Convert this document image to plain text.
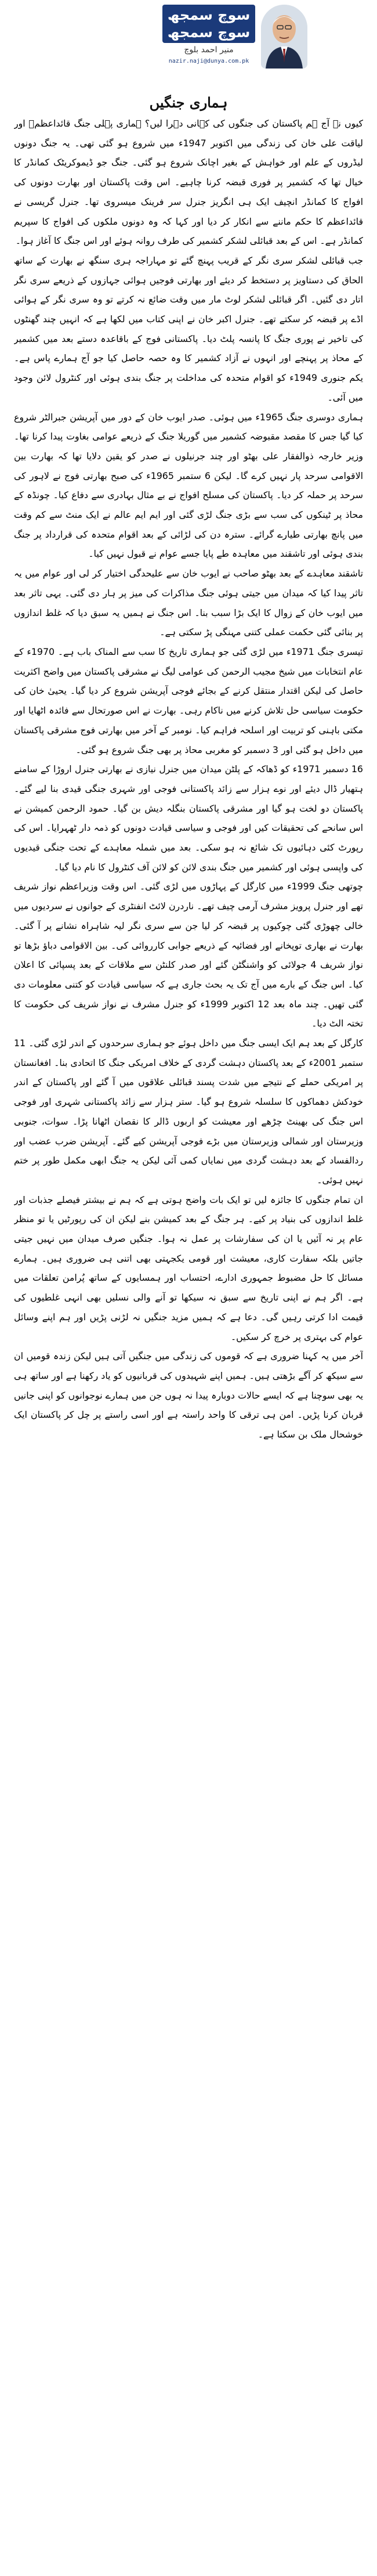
سوچ سمجھ
سوچ سمجھ
منیر احمد بلوچ
nazir.naji@dunya.com.pk
ہماری جنگیں

کیوں نہ آج ہم پاکستان کی جنگوں کی کہانی دہرا لیں؟ ہماری پہلی جنگ قائداعظمؒ اور لیاقت علی خان کی زندگی میں اکتوبر 1947ء میں شروع ہو گئی تھی۔ یہ جنگ دونوں لیڈروں کے علم اور خواہش کے بغیر اچانک شروع ہو گئی۔ جنگ جو ڈیموکریٹک کمانڈر کا خیال تھا کہ کشمیر پر فوری قبضہ کرنا چاہیے۔ اس وقت پاکستان اور بھارت دونوں کی افواج کا کمانڈر انچیف ایک ہی انگریز جنرل سر فرینک میسروی تھا۔ جنرل گریسی نے قائداعظم کا حکم ماننے سے انکار کر دیا اور کہا کہ وہ دونوں ملکوں کی افواج کا سپریم کمانڈر ہے۔ اس کے بعد قبائلی لشکر کشمیر کی طرف روانہ ہوئے اور اس جنگ کا آغاز ہوا۔

جب قبائلی لشکر سری نگر کے قریب پہنچ گئے تو مہاراجہ ہری سنگھ نے بھارت کے ساتھ الحاق کی دستاویز پر دستخط کر دیئے اور بھارتی فوجیں ہوائی جہازوں کے ذریعے سری نگر اتار دی گئیں۔ اگر قبائلی لشکر لوٹ مار میں وقت ضائع نہ کرتے تو وہ سری نگر کے ہوائی اڈے پر قبضہ کر سکتے تھے۔ جنرل اکبر خان نے اپنی کتاب میں لکھا ہے کہ انہیں چند گھنٹوں کی تاخیر نے پوری جنگ کا پانسہ پلٹ دیا۔ پاکستانی فوج کے باقاعدہ دستے بعد میں کشمیر کے محاذ پر پہنچے اور انہوں نے آزاد کشمیر کا وہ حصہ حاصل کیا جو آج ہمارے پاس ہے۔ یکم جنوری 1949ء کو اقوام متحدہ کی مداخلت پر جنگ بندی ہوئی اور کنٹرول لائن وجود میں آئی۔

ہماری دوسری جنگ 1965ء میں ہوئی۔ صدر ایوب خان کے دور میں آپریشن جبرالٹر شروع کیا گیا جس کا مقصد مقبوضہ کشمیر میں گوریلا جنگ کے ذریعے عوامی بغاوت پیدا کرنا تھا۔ وزیر خارجہ ذوالفقار علی بھٹو اور چند جرنیلوں نے صدر کو یقین دلایا تھا کہ بھارت بین الاقوامی سرحد پار نہیں کرے گا۔ لیکن 6 ستمبر 1965ء کی صبح بھارتی فوج نے لاہور کی سرحد پر حملہ کر دیا۔ پاکستان کی مسلح افواج نے بے مثال بہادری سے دفاع کیا۔ چونڈہ کے محاذ پر ٹینکوں کی سب سے بڑی جنگ لڑی گئی اور ایم ایم عالم نے ایک منٹ سے کم وقت میں پانچ بھارتی طیارے گرائے۔ سترہ دن کی لڑائی کے بعد اقوام متحدہ کی قرارداد پر جنگ بندی ہوئی اور تاشقند میں معاہدہ طے پایا جسے عوام نے قبول نہیں کیا۔

تاشقند معاہدے کے بعد بھٹو صاحب نے ایوب خان سے علیحدگی اختیار کر لی اور عوام میں یہ تاثر پیدا کیا کہ میدان میں جیتی ہوئی جنگ مذاکرات کی میز پر ہار دی گئی۔ یہی تاثر بعد میں ایوب خان کے زوال کا ایک بڑا سبب بنا۔ اس جنگ نے ہمیں یہ سبق دیا کہ غلط اندازوں پر بنائی گئی حکمت عملی کتنی مہنگی پڑ سکتی ہے۔

تیسری جنگ 1971ء میں لڑی گئی جو ہماری تاریخ کا سب سے المناک باب ہے۔ 1970ء کے عام انتخابات میں شیخ مجیب الرحمن کی عوامی لیگ نے مشرقی پاکستان میں واضح اکثریت حاصل کی لیکن اقتدار منتقل کرنے کے بجائے فوجی آپریشن شروع کر دیا گیا۔ یحییٰ خان کی حکومت سیاسی حل تلاش کرنے میں ناکام رہی۔ بھارت نے اس صورتحال سے فائدہ اٹھایا اور مکتی باہنی کو تربیت اور اسلحہ فراہم کیا۔ نومبر کے آخر میں بھارتی فوج مشرقی پاکستان میں داخل ہو گئی اور 3 دسمبر کو مغربی محاذ پر بھی جنگ شروع ہو گئی۔

16 دسمبر 1971ء کو ڈھاکہ کے پلٹن میدان میں جنرل نیازی نے بھارتی جنرل اروڑا کے سامنے ہتھیار ڈال دیئے اور نوے ہزار سے زائد پاکستانی فوجی اور شہری جنگی قیدی بنا لیے گئے۔ پاکستان دو لخت ہو گیا اور مشرقی پاکستان بنگلہ دیش بن گیا۔ حمود الرحمن کمیشن نے اس سانحے کی تحقیقات کیں اور فوجی و سیاسی قیادت دونوں کو ذمہ دار ٹھہرایا۔ اس کی رپورٹ کئی دہائیوں تک شائع نہ ہو سکی۔ بعد میں شملہ معاہدے کے تحت جنگی قیدیوں کی واپسی ہوئی اور کشمیر میں جنگ بندی لائن کو لائن آف کنٹرول کا نام دیا گیا۔

چوتھی جنگ 1999ء میں کارگل کے پہاڑوں میں لڑی گئی۔ اس وقت وزیراعظم نواز شریف تھے اور جنرل پرویز مشرف آرمی چیف تھے۔ ناردرن لائٹ انفنٹری کے جوانوں نے سردیوں میں خالی چھوڑی گئی چوکیوں پر قبضہ کر لیا جن سے سری نگر لیہ شاہراہ نشانے پر آ گئی۔ بھارت نے بھاری توپخانے اور فضائیہ کے ذریعے جوابی کارروائی کی۔ بین الاقوامی دباؤ بڑھا تو نواز شریف 4 جولائی کو واشنگٹن گئے اور صدر کلنٹن سے ملاقات کے بعد پسپائی کا اعلان کیا۔ اس جنگ کے بارے میں آج تک یہ بحث جاری ہے کہ سیاسی قیادت کو کتنی معلومات دی گئی تھیں۔ چند ماہ بعد 12 اکتوبر 1999ء کو جنرل مشرف نے نواز شریف کی حکومت کا تختہ الٹ دیا۔

کارگل کے بعد ہم ایک ایسی جنگ میں داخل ہوئے جو ہماری سرحدوں کے اندر لڑی گئی۔ 11 ستمبر 2001ء کے بعد پاکستان دہشت گردی کے خلاف امریکی جنگ کا اتحادی بنا۔ افغانستان پر امریکی حملے کے نتیجے میں شدت پسند قبائلی علاقوں میں آ گئے اور پاکستان کے اندر خودکش دھماکوں کا سلسلہ شروع ہو گیا۔ ستر ہزار سے زائد پاکستانی شہری اور فوجی اس جنگ کی بھینٹ چڑھے اور معیشت کو اربوں ڈالر کا نقصان اٹھانا پڑا۔ سوات، جنوبی وزیرستان اور شمالی وزیرستان میں بڑے فوجی آپریشن کیے گئے۔ آپریشن ضرب عضب اور ردالفساد کے بعد دہشت گردی میں نمایاں کمی آئی لیکن یہ جنگ ابھی مکمل طور پر ختم نہیں ہوئی۔

ان تمام جنگوں کا جائزہ لیں تو ایک بات واضح ہوتی ہے کہ ہم نے بیشتر فیصلے جذبات اور غلط اندازوں کی بنیاد پر کیے۔ ہر جنگ کے بعد کمیشن بنے لیکن ان کی رپورٹیں یا تو منظر عام پر نہ آئیں یا ان کی سفارشات پر عمل نہ ہوا۔ جنگیں صرف میدان میں نہیں جیتی جاتیں بلکہ سفارت کاری، معیشت اور قومی یکجہتی بھی اتنی ہی ضروری ہیں۔ ہمارے مسائل کا حل مضبوط جمہوری ادارے، احتساب اور ہمسایوں کے ساتھ پُرامن تعلقات میں ہے۔ اگر ہم نے اپنی تاریخ سے سبق نہ سیکھا تو آنے والی نسلیں بھی انہی غلطیوں کی قیمت ادا کرتی رہیں گی۔ دعا ہے کہ ہمیں مزید جنگیں نہ لڑنی پڑیں اور ہم اپنے وسائل عوام کی بہتری پر خرچ کر سکیں۔

آخر میں یہ کہنا ضروری ہے کہ قوموں کی زندگی میں جنگیں آتی ہیں لیکن زندہ قومیں ان سے سیکھ کر آگے بڑھتی ہیں۔ ہمیں اپنے شہیدوں کی قربانیوں کو یاد رکھنا ہے اور ساتھ ہی یہ بھی سوچنا ہے کہ ایسے حالات دوبارہ پیدا نہ ہوں جن میں ہمارے نوجوانوں کو اپنی جانیں قربان کرنا پڑیں۔ امن ہی ترقی کا واحد راستہ ہے اور اسی راستے پر چل کر پاکستان ایک خوشحال ملک بن سکتا ہے۔
